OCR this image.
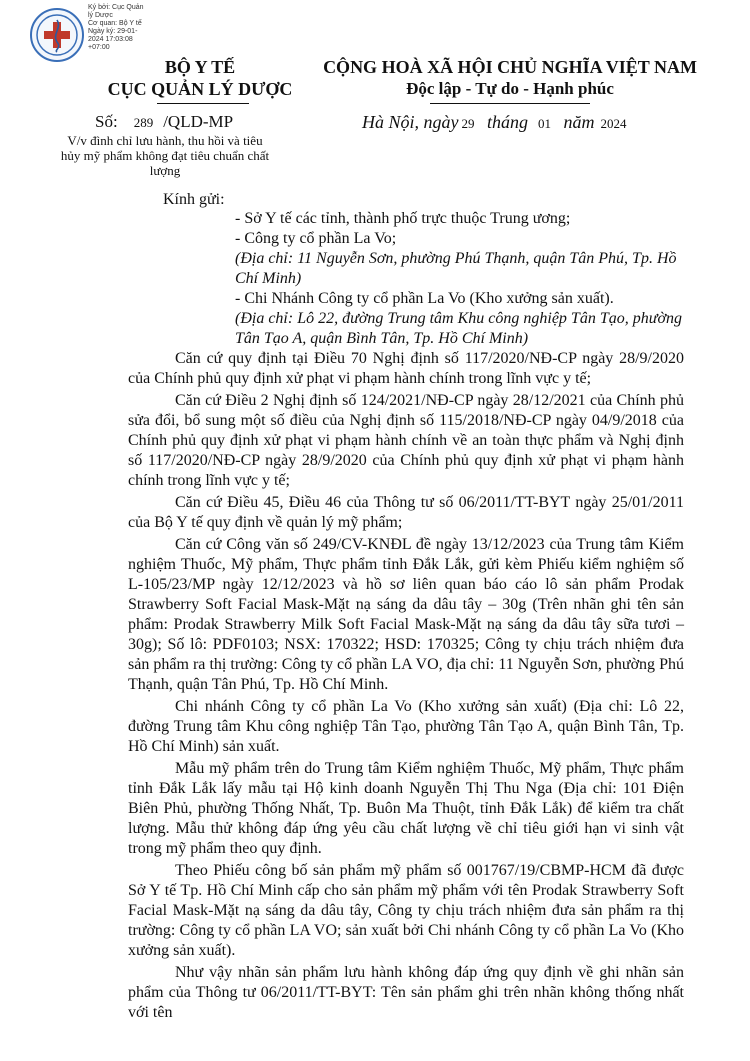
Ký bởi: Cục Quản
lý Dược
Cơ quan: Bộ Y tế
Ngày ký: 29-01-
2024 17:03:08
+07:00
BỘ Y TẾ
CỤC QUẢN LÝ DƯỢC
CỘNG HOÀ XÃ HỘI CHỦ NGHĨA VIỆT NAM
Độc lập - Tự do - Hạnh phúc
Số: 289 /QLD-MP	Hà Nội, ngày 29 tháng 01 năm 2024
V/v đình chỉ lưu hành, thu hồi và tiêu hủy mỹ phẩm không đạt tiêu chuẩn chất lượng
Kính gửi:
- Sở Y tế các tỉnh, thành phố trực thuộc Trung ương;
- Công ty cổ phần La Vo;
(Địa chỉ: 11 Nguyễn Sơn, phường Phú Thạnh, quận Tân Phú, Tp. Hồ Chí Minh)
- Chi Nhánh Công ty cổ phần La Vo (Kho xưởng sản xuất).
(Địa chỉ: Lô 22, đường Trung tâm Khu công nghiệp Tân Tạo, phường Tân Tạo A, quận Bình Tân, Tp. Hồ Chí Minh)

Căn cứ quy định tại Điều 70 Nghị định số 117/2020/NĐ-CP ngày 28/9/2020 của Chính phủ quy định xử phạt vi phạm hành chính trong lĩnh vực y tế;

Căn cứ Điều 2 Nghị định số 124/2021/NĐ-CP ngày 28/12/2021 của Chính phủ sửa đổi, bổ sung một số điều của Nghị định số 115/2018/NĐ-CP ngày 04/9/2018 của Chính phủ quy định xử phạt vi phạm hành chính về an toàn thực phẩm và Nghị định số 117/2020/NĐ-CP ngày 28/9/2020 của Chính phủ quy định xử phạt vi phạm hành chính trong lĩnh vực y tế;

Căn cứ Điều 45, Điều 46 của Thông tư số 06/2011/TT-BYT ngày 25/01/2011 của Bộ Y tế quy định về quản lý mỹ phẩm;

Căn cứ Công văn số 249/CV-KNĐL đề ngày 13/12/2023 của Trung tâm Kiểm nghiệm Thuốc, Mỹ phẩm, Thực phẩm tỉnh Đắk Lắk, gửi kèm Phiếu kiểm nghiệm số L-105/23/MP ngày 12/12/2023 và hồ sơ liên quan báo cáo lô sản phẩm Prodak Strawberry Soft Facial Mask-Mặt nạ sáng da dâu tây – 30g (Trên nhãn ghi tên sản phẩm: Prodak Strawberry Milk Soft Facial Mask-Mặt nạ sáng da dâu tây sữa tươi – 30g); Số lô: PDF0103; NSX: 170322; HSD: 170325; Công ty chịu trách nhiệm đưa sản phẩm ra thị trường: Công ty cổ phần LA VO, địa chỉ: 11 Nguyễn Sơn, phường Phú Thạnh, quận Tân Phú, Tp. Hồ Chí Minh.

Chi nhánh Công ty cổ phần La Vo (Kho xưởng sản xuất) (Địa chỉ: Lô 22, đường Trung tâm Khu công nghiệp Tân Tạo, phường Tân Tạo A, quận Bình Tân, Tp. Hồ Chí Minh) sản xuất.

Mẫu mỹ phẩm trên do Trung tâm Kiểm nghiệm Thuốc, Mỹ phẩm, Thực phẩm tỉnh Đắk Lắk lấy mẫu tại Hộ kinh doanh Nguyễn Thị Thu Nga (Địa chỉ: 101 Điện Biên Phủ, phường Thống Nhất, Tp. Buôn Ma Thuột, tỉnh Đắk Lắk) để kiểm tra chất lượng. Mẫu thử không đáp ứng yêu cầu chất lượng về chỉ tiêu giới hạn vi sinh vật trong mỹ phẩm theo quy định.

Theo Phiếu công bố sản phẩm mỹ phẩm số 001767/19/CBMP-HCM đã được Sở Y tế Tp. Hồ Chí Minh cấp cho sản phẩm mỹ phẩm với tên Prodak Strawberry Soft Facial Mask-Mặt nạ sáng da dâu tây, Công ty chịu trách nhiệm đưa sản phẩm ra thị trường: Công ty cổ phần LA VO; sản xuất bởi Chi nhánh Công ty cổ phần La Vo (Kho xưởng sản xuất).

Như vậy nhãn sản phẩm lưu hành không đáp ứng quy định về ghi nhãn sản phẩm của Thông tư 06/2011/TT-BYT: Tên sản phẩm ghi trên nhãn không thống nhất với tên
